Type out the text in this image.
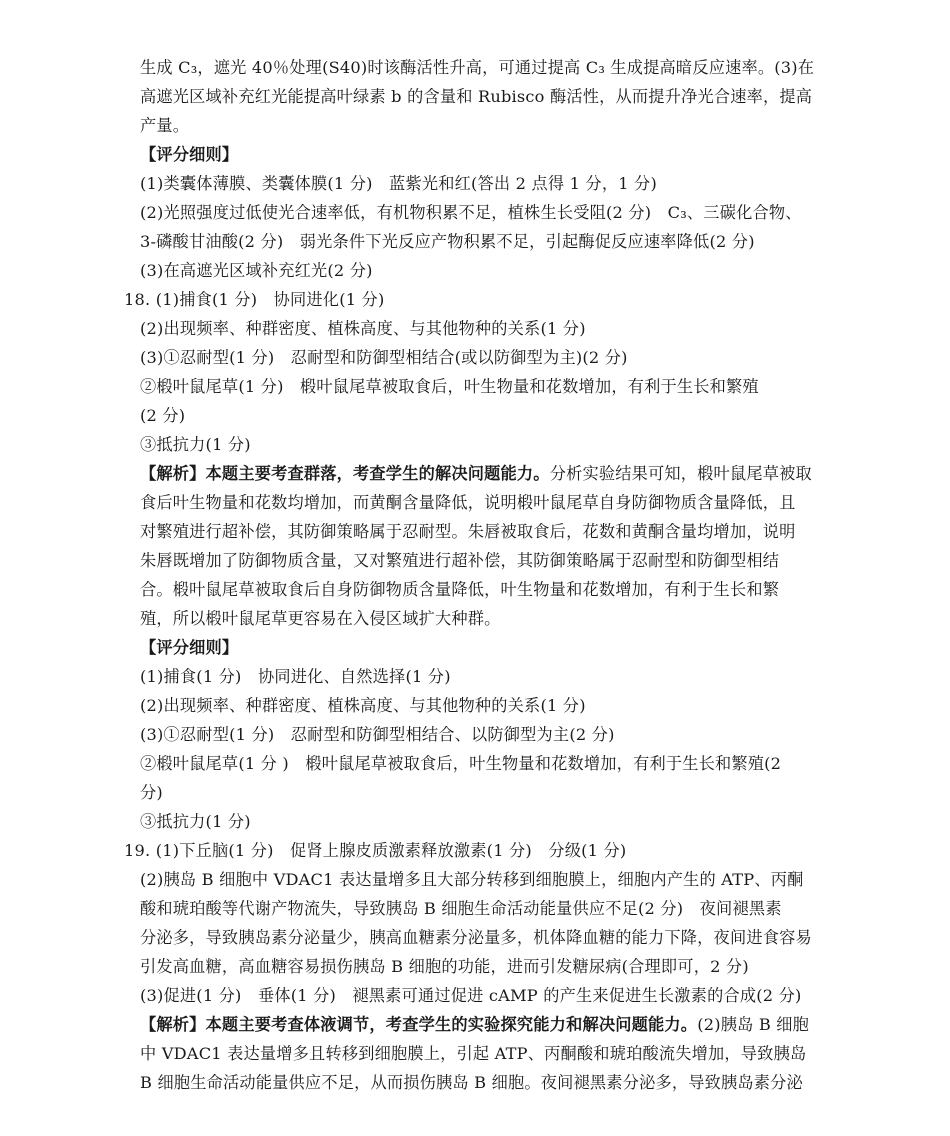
生成 C₃，遮光 40％处理(S40)时该酶活性升高，可通过提高 C₃ 生成提高暗反应速率。(3)在
高遮光区域补充红光能提高叶绿素 b 的含量和 Rubisco 酶活性，从而提升净光合速率，提高
产量。
【评分细则】
(1)类囊体薄膜、类囊体膜(1 分)　蓝紫光和红(答出 2 点得 1 分，1 分)
(2)光照强度过低使光合速率低，有机物积累不足，植株生长受阻(2 分)　C₃、三碳化合物、
3-磷酸甘油酸(2 分)　弱光条件下光反应产物积累不足，引起酶促反应速率降低(2 分)
(3)在高遮光区域补充红光(2 分)
18. (1)捕食(1 分)　协同进化(1 分)
(2)出现频率、种群密度、植株高度、与其他物种的关系(1 分)
(3)①忍耐型(1 分)　忍耐型和防御型相结合(或以防御型为主)(2 分)
②椴叶鼠尾草(1 分)　椴叶鼠尾草被取食后，叶生物量和花数增加，有利于生长和繁殖
(2 分)
③抵抗力(1 分)
【解析】本题主要考查群落，考查学生的解决问题能力。分析实验结果可知，椴叶鼠尾草被取
食后叶生物量和花数均增加，而黄酮含量降低，说明椴叶鼠尾草自身防御物质含量降低，且
对繁殖进行超补偿，其防御策略属于忍耐型。朱唇被取食后，花数和黄酮含量均增加，说明
朱唇既增加了防御物质含量，又对繁殖进行超补偿，其防御策略属于忍耐型和防御型相结
合。椴叶鼠尾草被取食后自身防御物质含量降低，叶生物量和花数增加，有利于生长和繁
殖，所以椴叶鼠尾草更容易在入侵区域扩大种群。
【评分细则】
(1)捕食(1 分)　协同进化、自然选择(1 分)
(2)出现频率、种群密度、植株高度、与其他物种的关系(1 分)
(3)①忍耐型(1 分)　忍耐型和防御型相结合、以防御型为主(2 分)
②椴叶鼠尾草(1 分 )　椴叶鼠尾草被取食后，叶生物量和花数增加，有利于生长和繁殖(2
分)
③抵抗力(1 分)
19. (1)下丘脑(1 分)　促肾上腺皮质激素释放激素(1 分)　分级(1 分)
(2)胰岛 B 细胞中 VDAC1 表达量增多且大部分转移到细胞膜上，细胞内产生的 ATP、丙酮
酸和琥珀酸等代谢产物流失，导致胰岛 B 细胞生命活动能量供应不足(2 分)　夜间褪黑素
分泌多，导致胰岛素分泌量少，胰高血糖素分泌量多，机体降血糖的能力下降，夜间进食容易
引发高血糖，高血糖容易损伤胰岛 B 细胞的功能，进而引发糖尿病(合理即可，2 分)
(3)促进(1 分)　垂体(1 分)　褪黑素可通过促进 cAMP 的产生来促进生长激素的合成(2 分)
【解析】本题主要考查体液调节，考查学生的实验探究能力和解决问题能力。(2)胰岛 B 细胞
中 VDAC1 表达量增多且转移到细胞膜上，引起 ATP、丙酮酸和琥珀酸流失增加，导致胰岛
B 细胞生命活动能量供应不足，从而损伤胰岛 B 细胞。夜间褪黑素分泌多，导致胰岛素分泌
